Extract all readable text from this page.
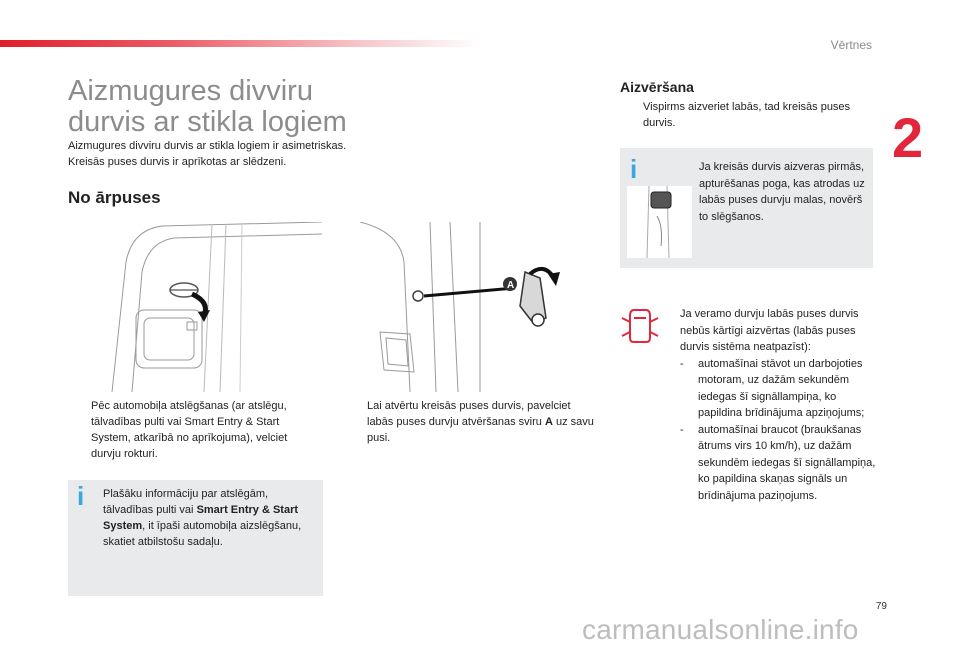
Vērtnes
2
Aizmugures divviru
durvis ar stikla logiem
Aizmugures divviru durvis ar stikla logiem ir asimetriskas.
Kreisās puses durvis ir aprīkotas ar slēdzeni.
No ārpuses
A
Pēc automobiļa atslēgšanas (ar atslēgu, tālvadības pulti vai Smart Entry & Start System, atkarībā no aprīkojuma), velciet durvju rokturi.
Lai atvērtu kreisās puses durvis, pavelciet labās puses durvju atvēršanas sviru A uz savu pusi.
i Plašāku informāciju par atslēgām, tālvadības pulti vai Smart Entry & Start System, it īpaši automobiļa aizslēgšanu, skatiet atbilstošu sadaļu.
Aizvēršana
Vispirms aizveriet labās, tad kreisās puses durvis.
i	Ja kreisās durvis aizveras pirmās, apturēšanas poga, kas atrodas uz labās puses durvju malas, novērš to slēgšanos.
Ja veramo durvju labās puses durvis nebūs kārtīgi aizvērtas (labās puses durvis sistēma neatpazīst):
- automašīnai stāvot un darbojoties motoram, uz dažām sekundēm iedegas šī signāllampiņa, ko papildina brīdinājuma apziņojums;
- automašīnai braucot (braukšanas ātrums virs 10 km/h), uz dažām sekundēm iedegas šī signāllampiņa, ko papildina skaņas signāls un brīdinājuma paziņojums.
79
carmanualsonline.info
